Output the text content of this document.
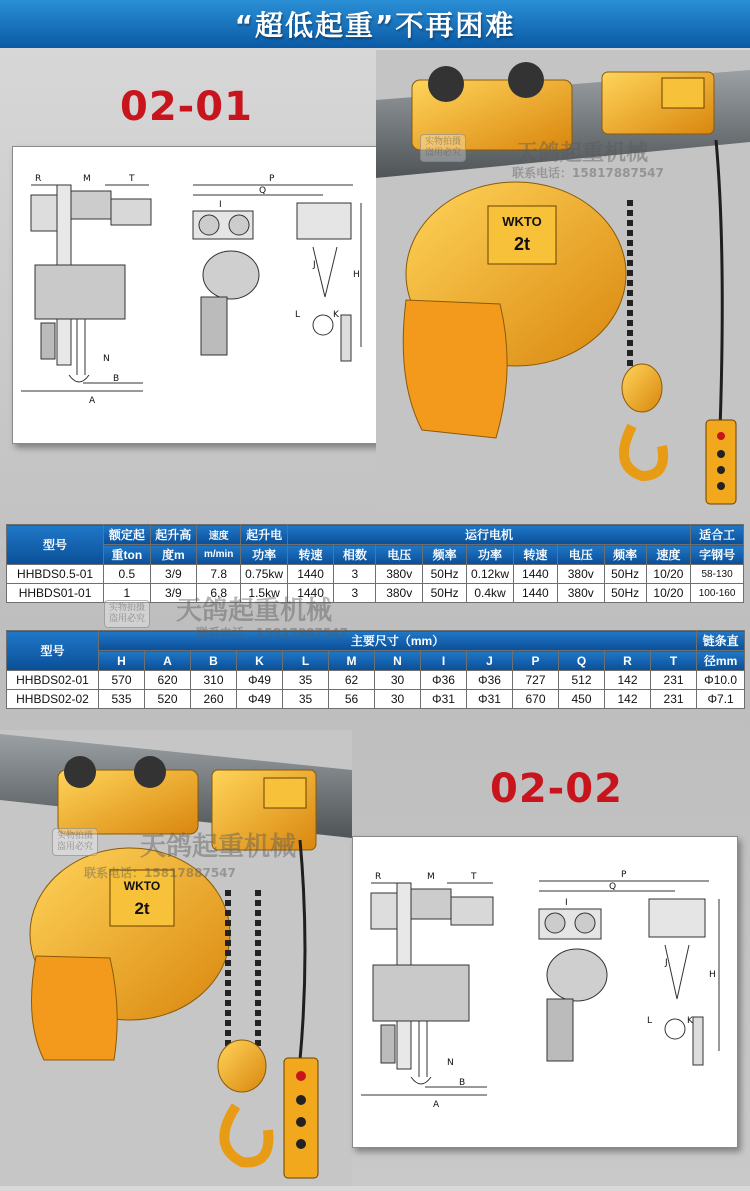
“超低起重”不再困难
02-01
R	M	T	P
Q
H
J
L	K
N
A
B
I
WKTO
2t
实物拍摄
盗用必究 天鸽起重机械
联系电话：15817887547
型号	额定起	起升高	速度	起升电	运行电机									适合工
	重ton	度m	m/min	功率	转速	相数	电压	频率	功率	转速	电压	频率	速度	字钢号
HHBDS0.5-01	0.5	3/9	7.8	0.75kw	1440	3	380v	50Hz	0.12kw	1440	380v	50Hz	10/20	58-130
HHBDS01-01	1	3/9	6.8	1.5kw	1440	3	380v	50Hz	0.4kw	1440	380v	50Hz	10/20	100-160
型号	主要尺寸（mm）													链条直
	H	A	B	K	L	M	N	I	J	P	Q	R	T	径mm
HHBDS02-01	570	620	310	Φ49	35	62	30	Φ36	Φ36	727	512	142	231	Φ10.0
HHBDS02-02	535	520	260	Φ49	35	56	30	Φ31	Φ31	670	450	142	231	Φ7.1
实物拍摄
盗用必究 天鸽起重机械
联系电话：15817887547
WKTO
2t
实物拍摄
盗用必究 天鸽起重机械
联系电话：15817887547
02-02
R	M	T	P
Q
H
J
L	K
N
A
B
I
